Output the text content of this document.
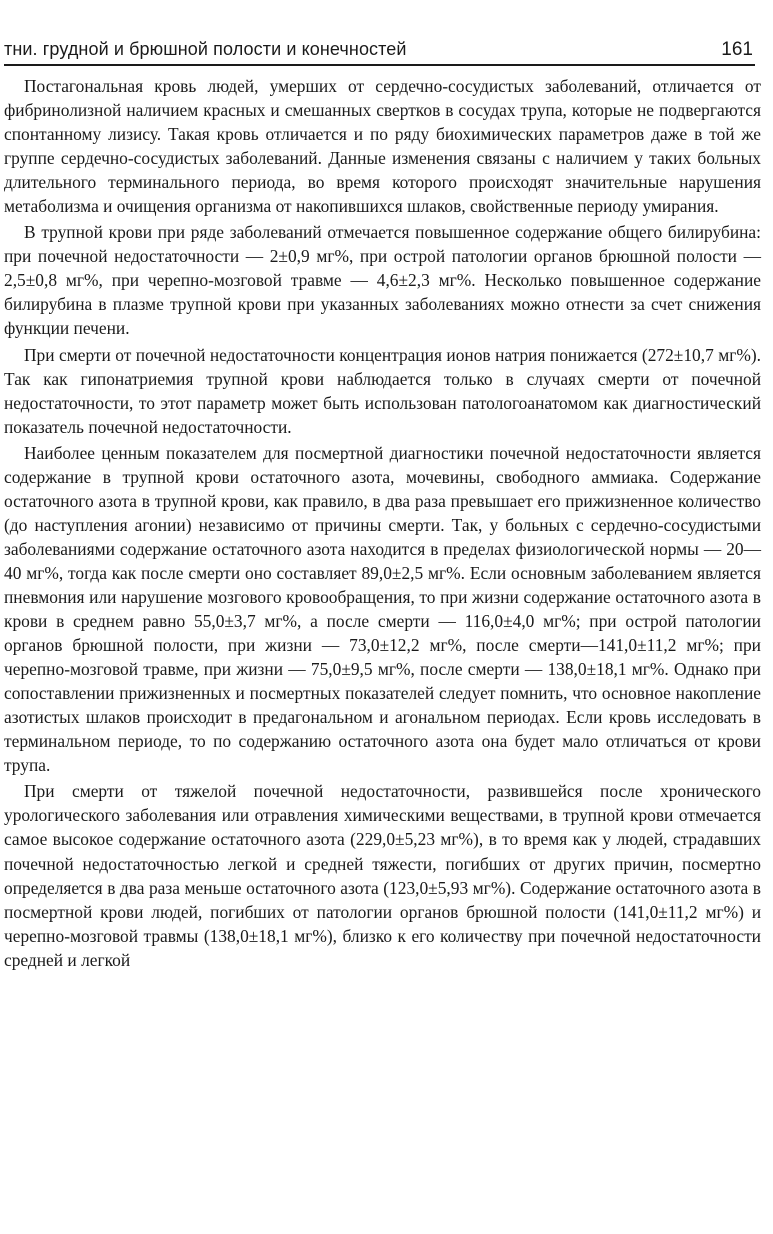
тни. грудной и брюшной полости и конечностей	161

Постагональная кровь людей, умерших от сердечно-сосудистых заболеваний, отличается от фибринолизной наличием красных и смешанных свертков в сосудах трупа, которые не подвергаются спонтанному лизису. Такая кровь отличается и по ряду биохимических параметров даже в той же группе сердечно-сосудистых заболеваний. Данные изменения связаны с наличием у таких больных длительного терминального периода, во время которого происходят значительные нарушения метаболизма и очищения организма от накопившихся шлаков, свойственные периоду умирания.

В трупной крови при ряде заболеваний отмечается повышенное содержание общего билирубина: при почечной недостаточности — 2±0,9 мг%, при острой патологии органов брюшной полости — 2,5±0,8 мг%, при черепно-мозговой травме — 4,6±2,3 мг%. Несколько повышенное содержание билирубина в плазме трупной крови при указанных заболеваниях можно отнести за счет снижения функции печени.

При смерти от почечной недостаточности концентрация ионов натрия понижается (272±10,7 мг%). Так как гипонатриемия трупной крови наблюдается только в случаях смерти от почечной недостаточности, то этот параметр может быть использован патологоанатомом как диагностический показатель почечной недостаточности.

Наиболее ценным показателем для посмертной диагностики почечной недостаточности является содержание в трупной крови остаточного азота, мочевины, свободного аммиака. Содержание остаточного азота в трупной крови, как правило, в два раза превышает его прижизненное количество (до наступления агонии) независимо от причины смерти. Так, у больных с сердечно-сосудистыми заболеваниями содержание остаточного азота находится в пределах физиологической нормы — 20—40 мг%, тогда как после смерти оно составляет 89,0±2,5 мг%. Если основным заболеванием является пневмония или нарушение мозгового кровообращения, то при жизни содержание остаточного азота в крови в среднем равно 55,0±3,7 мг%, а после смерти — 116,0±4,0 мг%; при острой патологии органов брюшной полости, при жизни — 73,0±12,2 мг%, после смерти—141,0±11,2 мг%; при черепно-мозговой травме, при жизни — 75,0±9,5 мг%, после смерти — 138,0±18,1 мг%. Однако при сопоставлении прижизненных и посмертных показателей следует помнить, что основное накопление азотистых шлаков происходит в предагональном и агональном периодах. Если кровь исследовать в терминальном периоде, то по содержанию остаточного азота она будет мало отличаться от крови трупа.

При смерти от тяжелой почечной недостаточности, развившейся после хронического урологического заболевания или отравления химическими веществами, в трупной крови отмечается самое высокое содержание остаточного азота (229,0±5,23 мг%), в то время как у людей, страдавших почечной недостаточностью легкой и средней тяжести, погибших от других причин, посмертно определяется в два раза меньше остаточного азота (123,0±5,93 мг%). Содержание остаточного азота в посмертной крови людей, погибших от патологии органов брюшной полости (141,0±11,2 мг%) и черепно-мозговой травмы (138,0±18,1 мг%), близко к его количеству при почечной недостаточности средней и легкой
